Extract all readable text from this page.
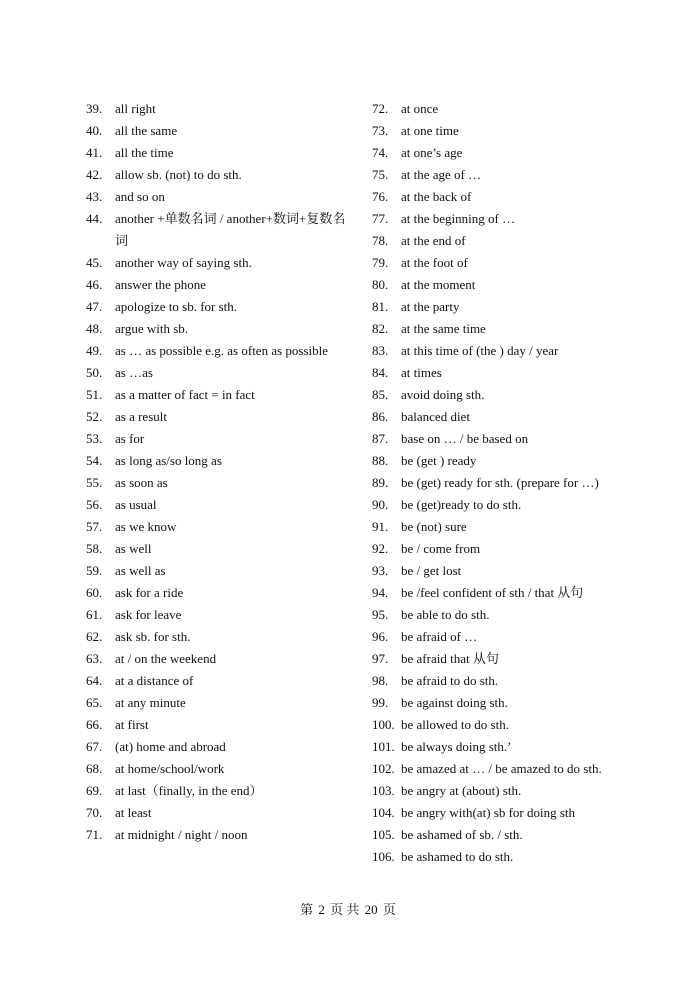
39. all right
40. all the same
41. all the time
42. allow sb. (not) to do sth.
43. and so on
44. another +单数名词 / another+数词+复数名词
45. another way of saying sth.
46. answer the phone
47. apologize to sb. for sth.
48. argue with sb.
49. as … as possible e.g. as often as possible
50. as …as
51. as a matter of fact = in fact
52. as a result
53. as for
54. as long as/so long as
55. as soon as
56. as usual
57. as we know
58. as well
59. as well as
60. ask for a ride
61. ask for leave
62. ask sb. for sth.
63. at / on the weekend
64. at a distance of
65. at any minute
66. at first
67. (at) home and abroad
68. at home/school/work
69. at last（finally, in the end）
70. at least
71. at midnight / night / noon
72. at once
73. at one time
74. at one’s age
75. at the age of …
76. at the back of
77. at the beginning of …
78. at the end of
79. at the foot of
80. at the moment
81. at the party
82. at the same time
83. at this time of (the ) day / year
84. at times
85. avoid doing sth.
86. balanced diet
87. base on … / be based on
88. be (get ) ready
89. be (get) ready for sth. (prepare for …)
90. be (get)ready to do sth.
91. be (not) sure
92. be / come from
93. be / get lost
94. be /feel confident of sth / that 从句
95. be able to do sth.
96. be afraid of …
97. be afraid that 从句
98. be afraid to do sth.
99. be against doing sth.
100. be allowed to do sth.
101. be always doing sth.’
102. be amazed at … / be amazed to do sth.
103. be angry at (about) sth.
104. be angry with(at) sb for doing sth
105. be ashamed of sb. / sth.
106. be ashamed to do sth.
第 2 页 共 20 页
